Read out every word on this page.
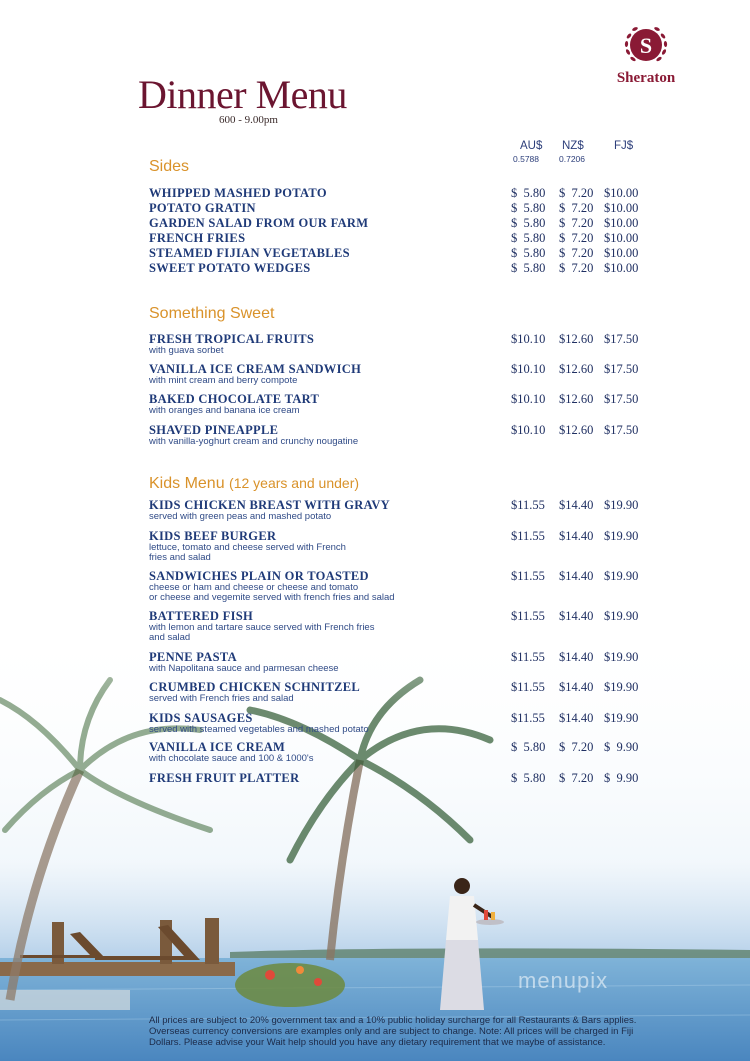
S
Sheraton
Dinner Menu
600 - 9.00pm
AU$ NZ$	FJ$
0.5788 0.7206
Sides
WHIPPED MASHED POTATO	$  5.80 $  7.20 $10.00
POTATO GRATIN	$  5.80 $  7.20 $10.00
GARDEN SALAD FROM OUR FARM	$  5.80 $  7.20 $10.00
FRENCH FRIES	$  5.80 $  7.20 $10.00
STEAMED FIJIAN VEGETABLES	$  5.80 $  7.20 $10.00
SWEET POTATO WEDGES	$  5.80 $  7.20 $10.00
Something Sweet
FRESH TROPICAL FRUITS
with guava sorbet
$10.10 $12.60 $17.50
VANILLA ICE CREAM SANDWICH
with mint cream and berry compote
$10.10 $12.60 $17.50
BAKED CHOCOLATE TART
with oranges and banana ice cream
$10.10 $12.60 $17.50
SHAVED PINEAPPLE
with vanilla-yoghurt cream and crunchy nougatine
$10.10 $12.60 $17.50
Kids Menu (12 years and under)
KIDS CHICKEN BREAST WITH GRAVY
served with green peas and mashed potato
$11.55 $14.40 $19.90
KIDS BEEF BURGER
lettuce, tomato and cheese served with French
fries and salad
$11.55 $14.40 $19.90
SANDWICHES PLAIN OR TOASTED
cheese or ham and cheese or cheese and tomato
or cheese and vegemite served with french fries and salad
$11.55 $14.40 $19.90
BATTERED FISH
with lemon and tartare sauce served with French fries
and salad
$11.55 $14.40 $19.90
PENNE PASTA
with Napolitana sauce and parmesan cheese
$11.55 $14.40 $19.90
CRUMBED CHICKEN SCHNITZEL
served with French fries and salad
$11.55 $14.40 $19.90
KIDS SAUSAGES
served with steamed vegetables and mashed potato
$11.55 $14.40 $19.90
VANILLA ICE CREAM
with chocolate sauce and 100 & 1000's
$  5.80 $  7.20 $  9.90
FRESH FRUIT PLATTER	$  5.80 $  7.20 $  9.90
menupix
All prices are subject to 20% government tax and a 10% public holiday surcharge for all Restaurants & Bars applies.
Overseas currency conversions are examples only and are subject to change. Note: All prices will be charged in Fiji
Dollars. Please advise your Wait help should you have any dietary requirement that we maybe of assistance.
